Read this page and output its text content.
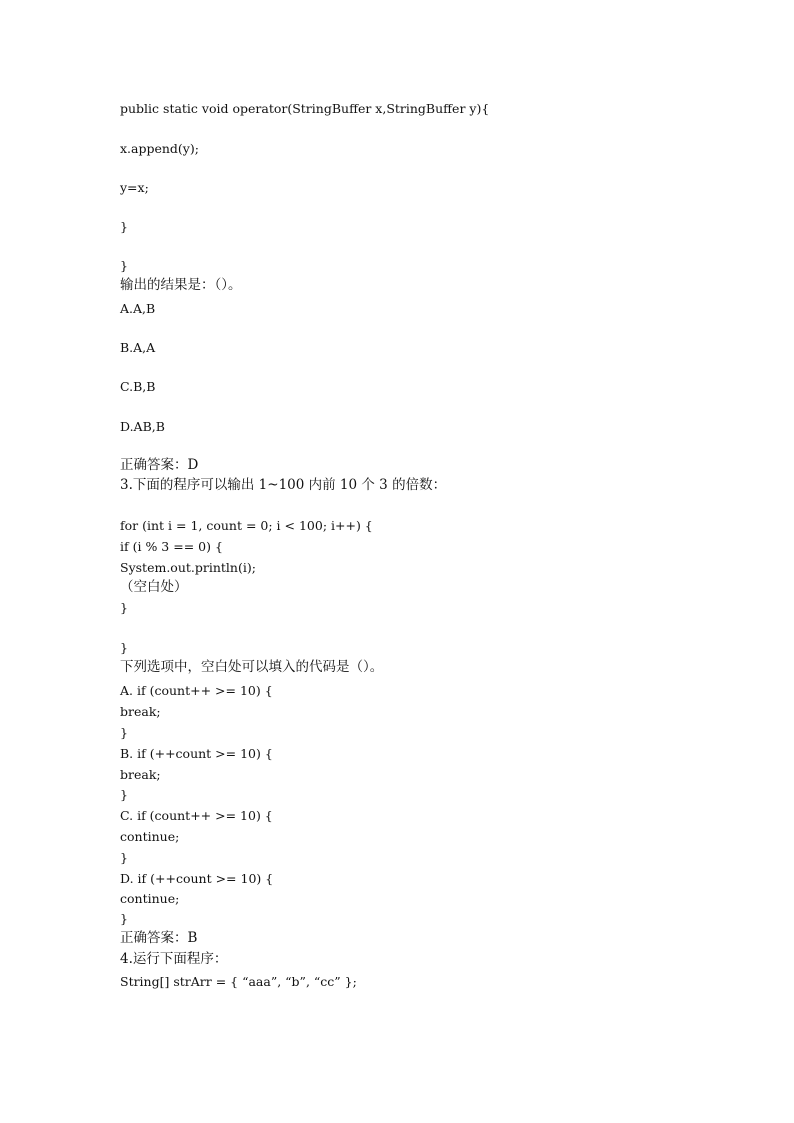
public static void operator(StringBuffer x,StringBuffer y){
x.append(y);
y=x;
}
}
输出的结果是：（）。
A.A,B
B.A,A
C.B,B
D.AB,B
正确答案：D
3.下面的程序可以输出 1~100 内前 10 个 3 的倍数：
for (int i = 1, count = 0; i < 100; i++) {
if (i % 3 == 0) {
System.out.println(i);
（空白处）
}
}
下列选项中，空白处可以填入的代码是（）。
A. if (count++ >= 10) {
break;
}
B. if (++count >= 10) {
break;
}
C. if (count++ >= 10) {
continue;
}
D. if (++count >= 10) {
continue;
}
正确答案：B
4.运行下面程序：
String[] strArr = { “aaa”, “b”, “cc” };
